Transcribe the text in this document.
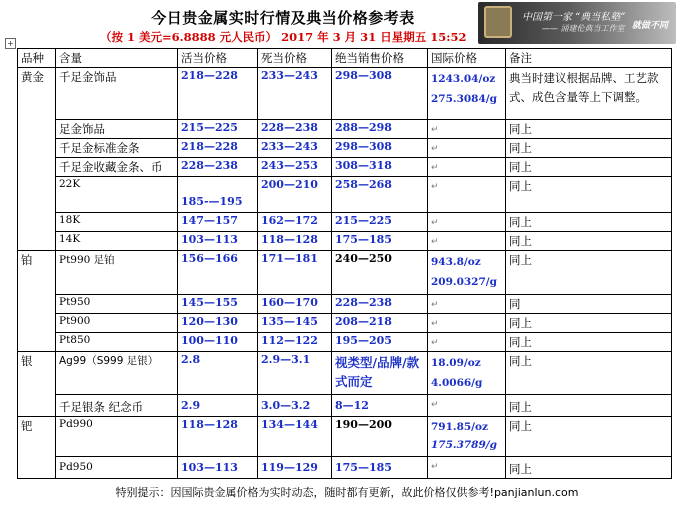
今日贵金属实时行情及典当价格参考表
（按 1 美元=6.8888 元人民币） 2017 年 3 月 31 日星期五 15:52
中国第一家 “典当私塾”
—— 涌建伦典当工作室 就做不同
+
品种	含量	活当价格	死当价格	绝当销售价格	国际价格	备注
黄金	千足金饰品	218—228	233—243	298—308	1243.04/oz
275.3084/g	典当时建议根据品牌、工艺款式、成色含量等上下调整。
	足金饰品	215—225	228—238	288—298	↵	同上
	千足金标准金条	218—228	233—243	298—308	↵	同上
	千足金收藏金条、币	228—238	243—253	308—318	↵	同上
	22K	185-—195	200—210	258—268	↵	同上
	18K	147—157	162—172	215—225	↵	同上
	14K	103—113	118—128	175—185	↵	同上
铂	Pt990 足铂	156—166	171—181	240—250	943.8/oz
209.0327/g	同上
	Pt950	145—155	160—170	228—238	↵	同
	Pt900	120—130	135—145	208—218	↵	同上
	Pt850	100—110	112—122	195—205	↵	同上
银	Ag99（S999 足银）	2.8	2.9—3.1	视类型/品牌/款式而定	18.09/oz
4.0066/g	同上
	千足银条 纪念币	2.9	3.0—3.2	8—12	↵	同上
钯	Pd990	118—128	134—144	190—200	791.85/oz
175.3789/g	同上
	Pd950	103—113	119—129	175—185	↵	同上
特别提示：因国际贵金属价格为实时动态，随时都有更新，故此价格仅供参考!panjianlun.com
